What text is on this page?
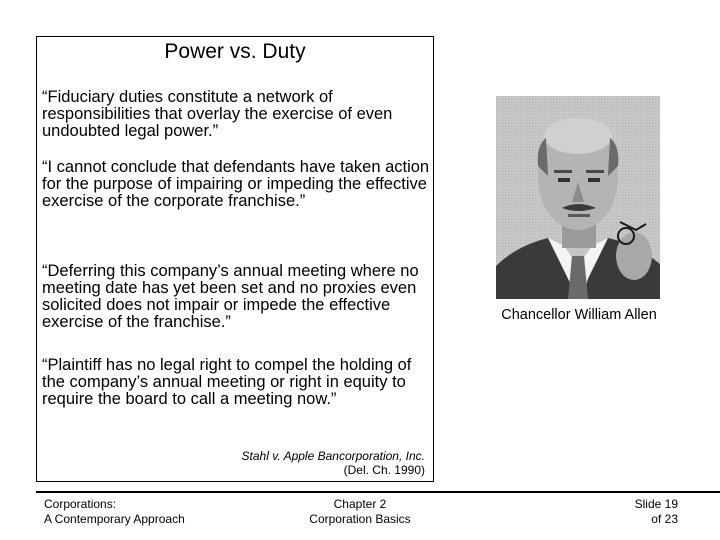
Power vs. Duty

“Fiduciary duties constitute a network of responsibilities that overlay the exercise of even undoubted legal power.”

“I cannot conclude that defendants have taken action for the purpose of impairing or impeding the effective exercise of the corporate franchise.”

“Deferring this company’s annual meeting where no meeting date has yet been set and no proxies even solicited does not impair or impede the effective exercise of the franchise.”

“Plaintiff has no legal right to compel the holding of the company’s annual meeting or right in equity to require the board to call a meeting now.”

Stahl v. Apple Bancorporation, Inc.
(Del. Ch. 1990)
Chancellor William Allen
Corporations:
A Contemporary Approach
Chapter 2
Corporation Basics
Slide 19
of 23
